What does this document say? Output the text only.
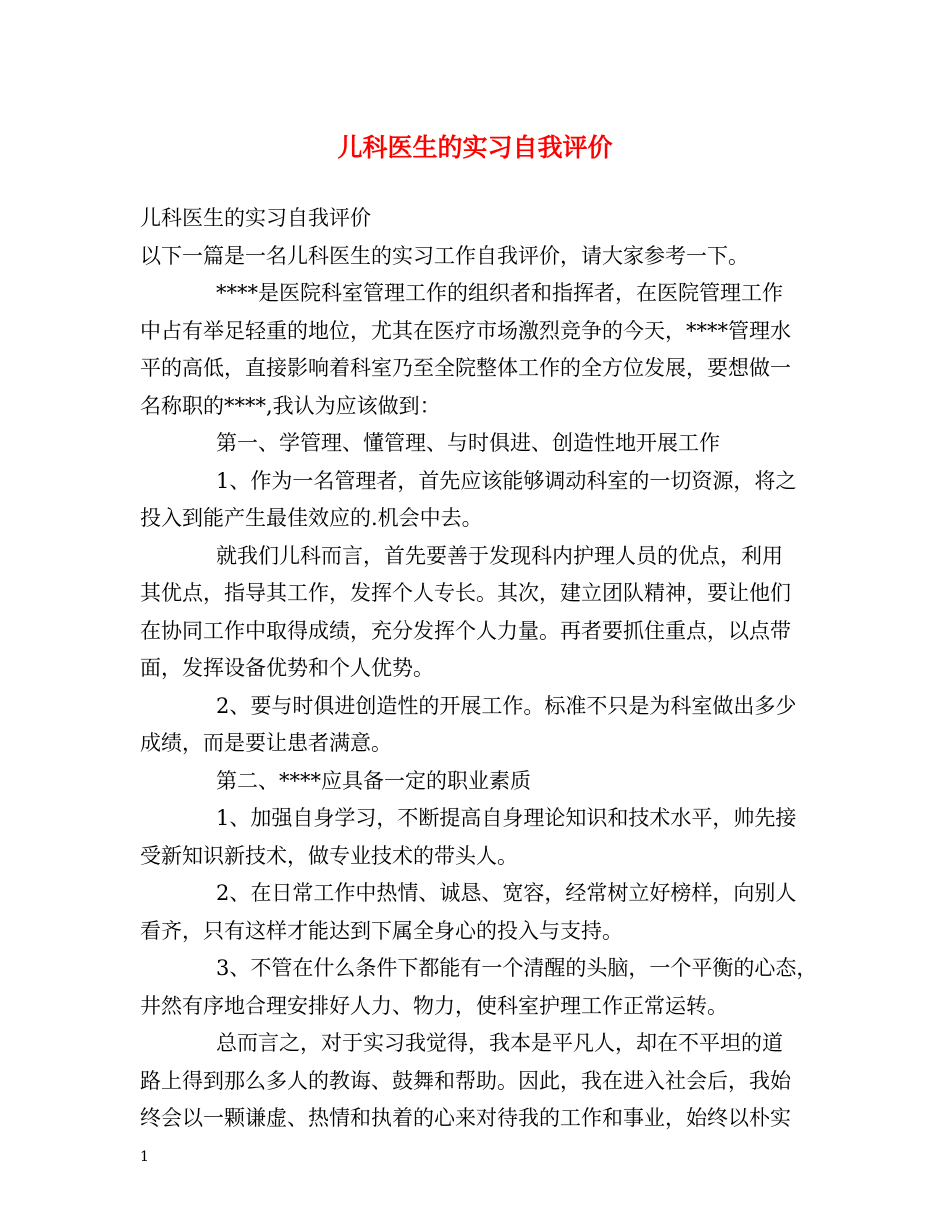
儿科医生的实习自我评价
儿科医生的实习自我评价
以下一篇是一名儿科医生的实习工作自我评价，请大家参考一下。
****是医院科室管理工作的组织者和指挥者，在医院管理工作
中占有举足轻重的地位，尤其在医疗市场激烈竞争的今天，****管理水
平的高低，直接影响着科室乃至全院整体工作的全方位发展，要想做一
名称职的****,我认为应该做到：
第一、学管理、懂管理、与时俱进、创造性地开展工作
1、作为一名管理者，首先应该能够调动科室的一切资源，将之
投入到能产生最佳效应的.机会中去。
就我们儿科而言，首先要善于发现科内护理人员的优点，利用
其优点，指导其工作，发挥个人专长。其次，建立团队精神，要让他们
在协同工作中取得成绩，充分发挥个人力量。再者要抓住重点，以点带
面，发挥设备优势和个人优势。
2、要与时俱进创造性的开展工作。标准不只是为科室做出多少
成绩，而是要让患者满意。
第二、****应具备一定的职业素质
1、加强自身学习，不断提高自身理论知识和技术水平，帅先接
受新知识新技术，做专业技术的带头人。
2、在日常工作中热情、诚恳、宽容，经常树立好榜样，向别人
看齐，只有这样才能达到下属全身心的投入与支持。
3、不管在什么条件下都能有一个清醒的头脑，一个平衡的心态，
井然有序地合理安排好人力、物力，使科室护理工作正常运转。
总而言之，对于实习我觉得，我本是平凡人，却在不平坦的道
路上得到那么多人的教诲、鼓舞和帮助。因此，我在进入社会后，我始
终会以一颗谦虚、热情和执着的心来对待我的工作和事业，始终以朴实
1
